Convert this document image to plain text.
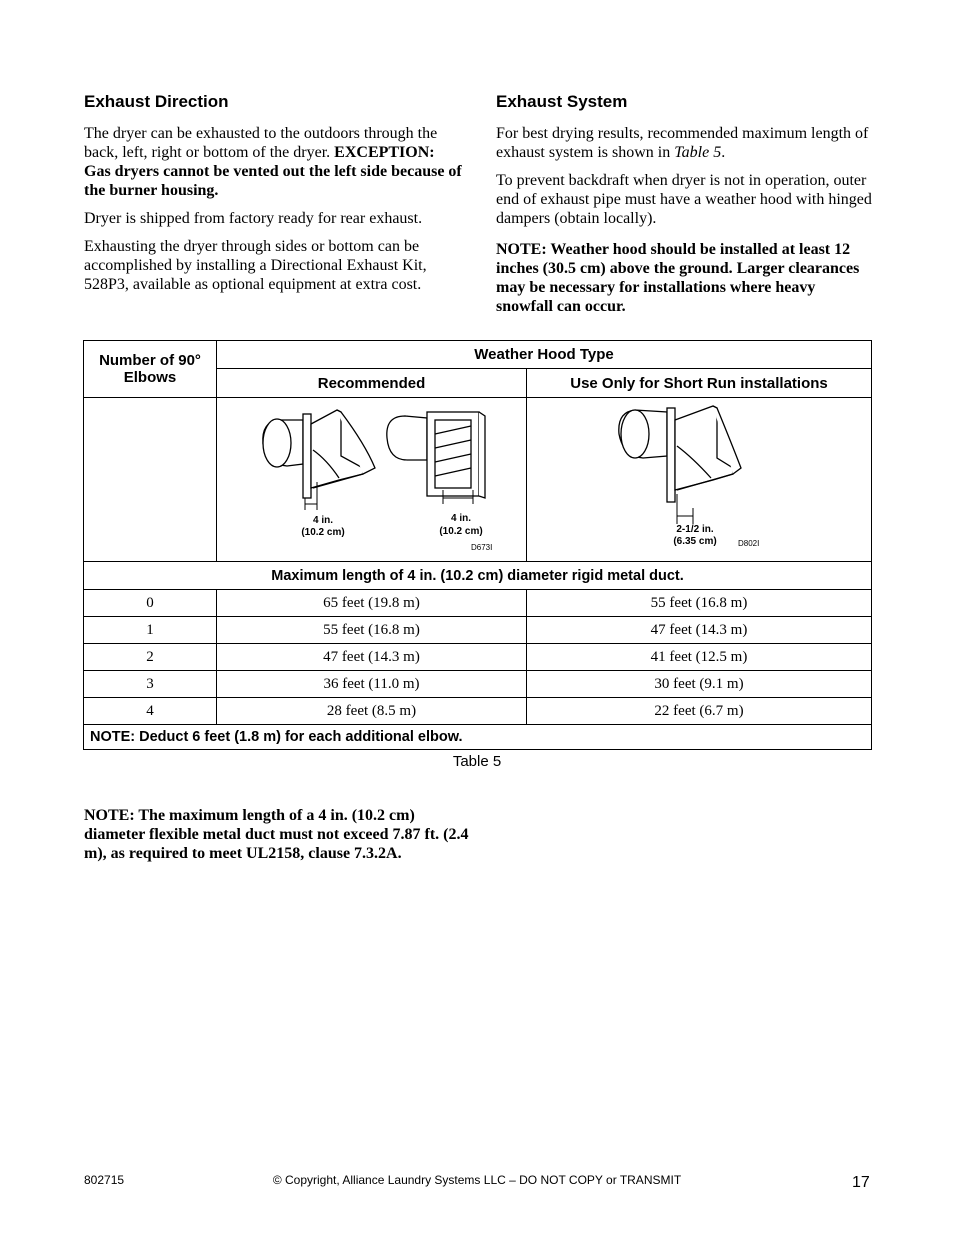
Exhaust Direction

The dryer can be exhausted to the outdoors through the back, left, right or bottom of the dryer. EXCEPTION: Gas dryers cannot be vented out the left side because of the burner housing.

Dryer is shipped from factory ready for rear exhaust.

Exhausting the dryer through sides or bottom can be accomplished by installing a Directional Exhaust Kit, 528P3, available as optional equipment at extra cost.

Exhaust System

For best drying results, recommended maximum length of exhaust system is shown in Table 5.

To prevent backdraft when dryer is not in operation, outer end of exhaust pipe must have a weather hood with hinged dampers (obtain locally).

NOTE: Weather hood should be installed at least 12 inches (30.5 cm) above the ground. Larger clearances may be necessary for installations where heavy snowfall can occur.

Number of 90° Elbows	Weather Hood Type	
	Recommended	Use Only for Short Run installations

4 in.
(10.2 cm)
4 in.
(10.2 cm)
D673I	2-1/2 in.
(6.35 cm) D802I

Maximum length of 4 in. (10.2 cm) diameter rigid metal duct.		
0	65 feet (19.8 m)	55 feet (16.8 m)
1	55 feet (16.8 m)	47 feet (14.3 m)
2	47 feet (14.3 m)	41 feet (12.5 m)
3	36 feet (11.0 m)	30 feet (9.1 m)
4	28 feet (8.5 m)	22 feet (6.7 m)
NOTE: Deduct 6 feet (1.8 m) for each additional elbow.		
Table 5
NOTE: The maximum length of a 4 in. (10.2 cm) diameter flexible metal duct must not exceed 7.87 ft. (2.4 m), as required to meet UL2158, clause 7.3.2A.
802715	© Copyright, Alliance Laundry Systems LLC – DO NOT COPY or TRANSMIT	17
